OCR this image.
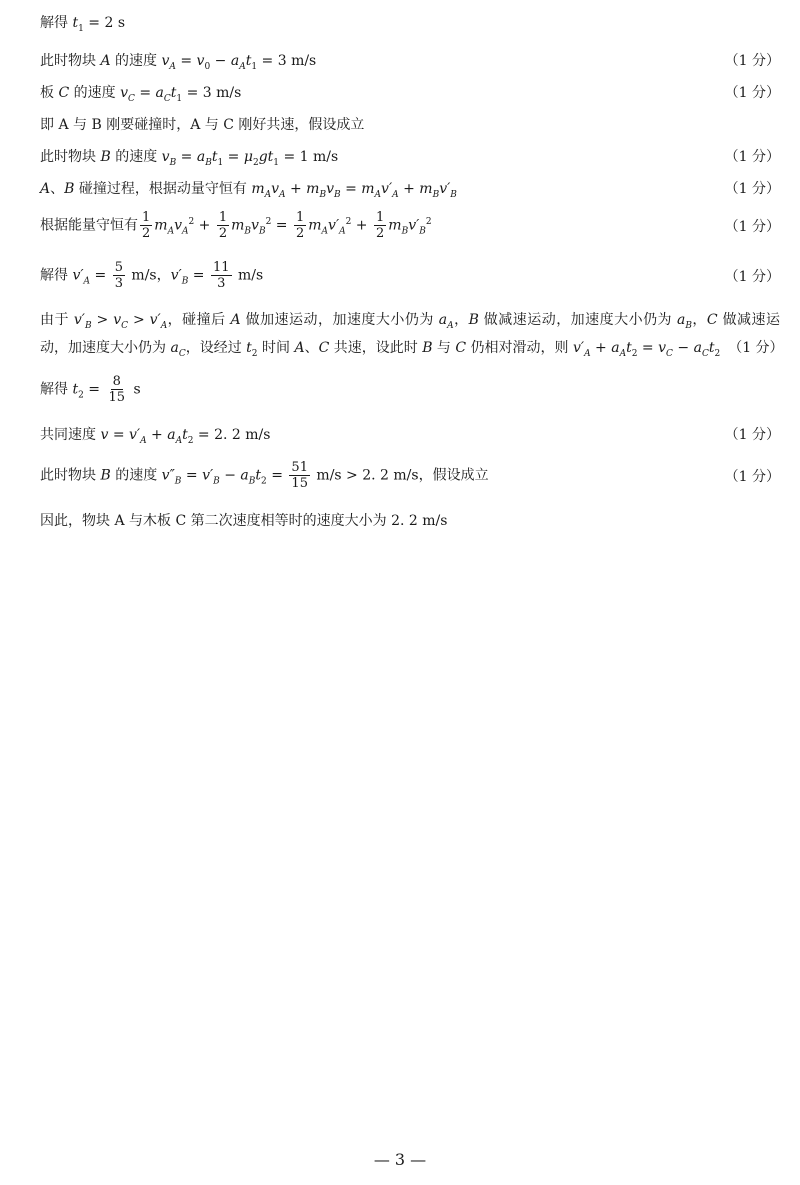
解得 $t_1 = 2$ s
此时物块 A 的速度 $v_A = v_0 - a_At_1 = 3$ m/s	（1 分）
板 C 的速度 $v_C = a_Ct_1 = 3$ m/s	（1 分）
即 A 与 B 刚要碰撞时，A 与 C 刚好共速，假设成立
此时物块 B 的速度 $v_B = a_Bt_1 = \mu_2gt_1 = 1$ m/s	（1 分）
A、B 碰撞过程，根据动量守恒有 $m_Av_A + m_Bv_B = m_Av'_A + m_Bv'_B$	（1 分）
根据能量守恒有 $\frac{1}{2} m_Av_A^2 + \frac{1}{2} m_Bv_B^2 = \frac{1}{2} m_Av'_A^2 + \frac{1}{2} m_Bv'_B^2$	（1 分）
解得 $v'_A = \frac{5}{3} m/s$，$v'_B = \frac{11}{3} m/s$	（1 分）
由于 $v'_B > v_C > v'_A$，碰撞后 A 做加速运动，加速度大小仍为 $a_A$，B 做减速运动，加速度大小仍为 $a_B$，C 做减速运
动，加速度大小仍为 $a_C$，设经过 $t_2$ 时间 A、C 共速，设此时 B 与 C 仍相对滑动，则 $v'_A + a_At_2 = v_C - a_Ct_2$ （1 分）
解得 $t_2 = \frac{8}{15}$ s
共同速度 $v = v'_A + a_At_2 = 2$. 2 m/s	（1 分）
此时物块 B 的速度 $v''_B = v'_B - a_Bt_2 = \frac{51}{15} m/s > 2$. 2 m/s，假设成立	（1 分）
因此，物块 A 与木板 C 第二次速度相等时的速度大小为 2. 2 m/s
— 3 —
